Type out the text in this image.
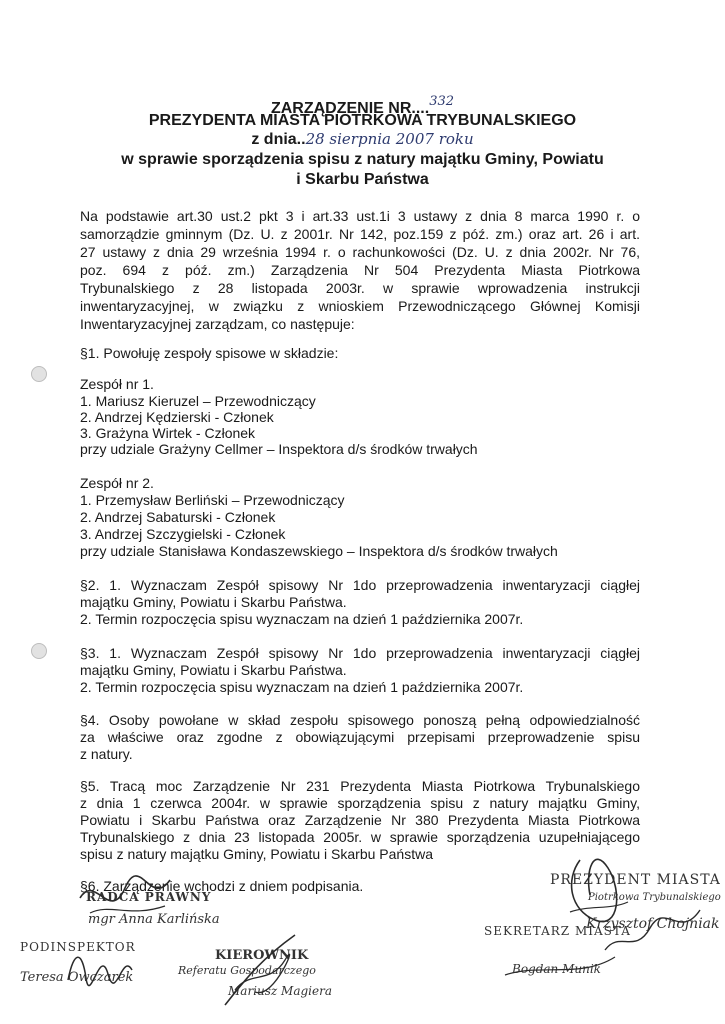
ZARZĄDZENIE NR....$^{332}$
PREZYDENTA MIASTA PIOTRKOWA TRYBUNALSKIEGO
z dnia..28 sierpnia 2007 roku
w sprawie sporządzenia spisu z natury majątku Gminy, Powiatu
i Skarbu Państwa
Na podstawie art.30 ust.2 pkt 3 i art.33 ust.1i 3 ustawy z dnia 8 marca 1990 r. o
samorządzie gminnym (Dz. U. z 2001r. Nr 142, poz.159 z póź. zm.) oraz art. 26 i art.
27 ustawy z dnia 29 września 1994 r. o rachunkowości (Dz. U. z dnia 2002r. Nr 76,
poz. 694 z póź. zm.) Zarządzenia Nr 504 Prezydenta Miasta Piotrkowa
Trybunalskiego z 28 listopada 2003r. w sprawie wprowadzenia instrukcji
inwentaryzacyjnej, w związku z wnioskiem Przewodniczącego Głównej Komisji
Inwentaryzacyjnej zarządzam, co następuje:
§1. Powołuję zespoły spisowe w składzie:
Zespół nr 1.
1. Mariusz Kieruzel – Przewodniczący
2. Andrzej Kędzierski - Członek
3. Grażyna Wirtek - Członek
przy udziale Grażyny Cellmer – Inspektora d/s środków trwałych
Zespół nr 2.
1. Przemysław Berliński – Przewodniczący
2. Andrzej Sabaturski - Członek
3. Andrzej Szczygielski - Członek
przy udziale Stanisława Kondaszewskiego – Inspektora d/s środków trwałych
§2. 1. Wyznaczam Zespół spisowy Nr 1do przeprowadzenia inwentaryzacji ciągłej
majątku Gminy, Powiatu i Skarbu Państwa.
2. Termin rozpoczęcia spisu wyznaczam na dzień 1 października 2007r.
§3. 1. Wyznaczam Zespół spisowy Nr 1do przeprowadzenia inwentaryzacji ciągłej
majątku Gminy, Powiatu i Skarbu Państwa.
2. Termin rozpoczęcia spisu wyznaczam na dzień 1 października 2007r.
§4. Osoby powołane w skład zespołu spisowego ponoszą pełną odpowiedzialność
za właściwe oraz zgodne z obowiązującymi przepisami przeprowadzenie spisu
z natury.
§5. Tracą moc Zarządzenie Nr 231 Prezydenta Miasta Piotrkowa Trybunalskiego
z dnia 1 czerwca 2004r. w sprawie sporządzenia spisu z natury majątku Gminy,
Powiatu i Skarbu Państwa oraz Zarządzenie Nr 380 Prezydenta Miasta Piotrkowa
Trybunalskiego z dnia 23 listopada 2005r. w sprawie sporządzenia uzupełniającego
spisu z natury majątku Gminy, Powiatu i Skarbu Państwa
§6. Zarządzenie wchodzi z dniem podpisania.
RADCA PRAWNY
mgr Anna Karlińska
PODINSPEKTOR
Teresa Owczarek
KIEROWNIK
Referatu Gospodarczego
Mariusz Magiera
SEKRETARZ MIASTA
Bogdan Munik
PREZYDENT MIASTA
Piotrkowa Trybunalskiego
Krzysztof Chojniak
